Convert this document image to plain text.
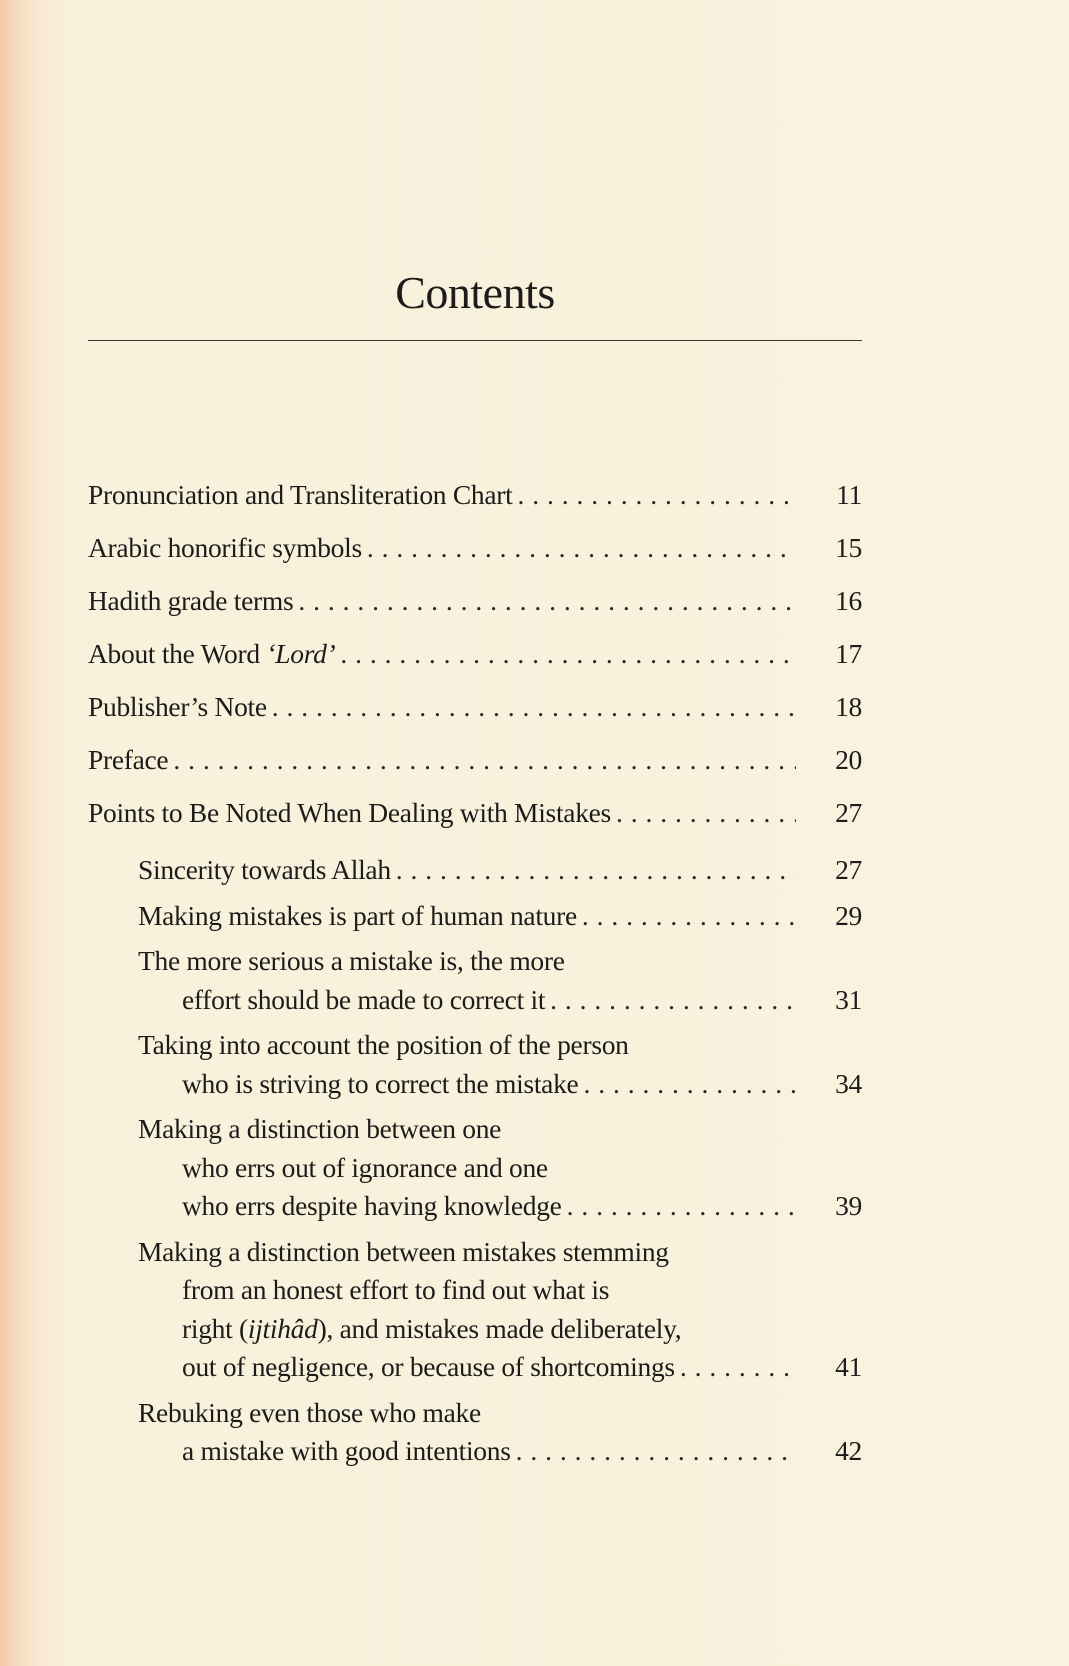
Contents
Pronunciation and Transliteration Chart . . .	11
Arabic honorific symbols . . .	15
Hadith grade terms . . .	16
About the Word ‘Lord’ . . .	17
Publisher’s Note . . .	18
Preface . . .	20
Points to Be Noted When Dealing with Mistakes . . .	27
Sincerity towards Allah . . .	27
Making mistakes is part of human nature . . .	29
The more serious a mistake is, the more
effort should be made to correct it . . .	31
Taking into account the position of the person
who is striving to correct the mistake . . .	34
Making a distinction between one
who errs out of ignorance and one
who errs despite having knowledge . . .	39
Making a distinction between mistakes stemming
from an honest effort to find out what is
right (ijtihâd), and mistakes made deliberately,
out of negligence, or because of shortcomings . . .	41
Rebuking even those who make
a mistake with good intentions . . .	42
